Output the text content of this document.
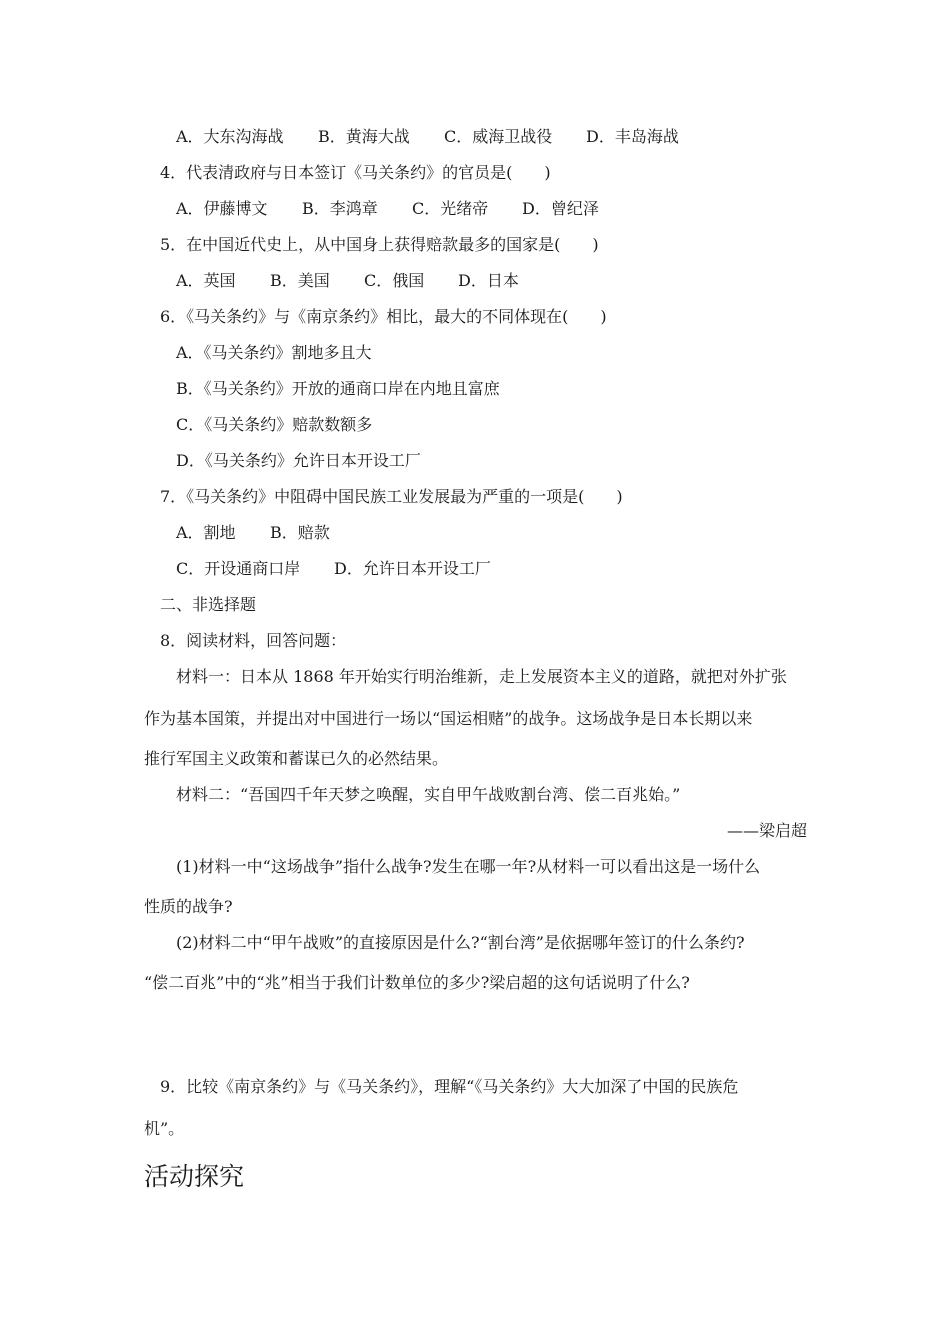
A．大东沟海战 B．黄海大战 C．威海卫战役 D．丰岛海战
4．代表清政府与日本签订《马关条约》的官员是(　　)
A．伊藤博文 B．李鸿章 C．光绪帝 D．曾纪泽
5．在中国近代史上，从中国身上获得赔款最多的国家是(　　)
A．英国 B．美国 C．俄国 D．日本
6．《马关条约》与《南京条约》相比，最大的不同体现在(　　)
A．《马关条约》割地多且大
B．《马关条约》开放的通商口岸在内地且富庶
C．《马关条约》赔款数额多
D．《马关条约》允许日本开设工厂
7．《马关条约》中阻碍中国民族工业发展最为严重的一项是(　　)
A．割地 B．赔款
C．开设通商口岸 D．允许日本开设工厂
二、非选择题
8．阅读材料，回答问题：
材料一：日本从 1868 年开始实行明治维新，走上发展资本主义的道路，就把对外扩张
作为基本国策，并提出对中国进行一场以“国运相赌”的战争。这场战争是日本长期以来
推行军国主义政策和蓄谋已久的必然结果。
材料二：“吾国四千年天梦之唤醒，实自甲午战败割台湾、偿二百兆始。”
——梁启超
(1)材料一中“这场战争”指什么战争?发生在哪一年?从材料一可以看出这是一场什么
性质的战争?
(2)材料二中“甲午战败”的直接原因是什么?“割台湾”是依据哪年签订的什么条约?
“偿二百兆”中的“兆”相当于我们计数单位的多少?梁启超的这句话说明了什么?
9．比较《南京条约》与《马关条约》，理解“《马关条约》大大加深了中国的民族危
机”。
活动探究
